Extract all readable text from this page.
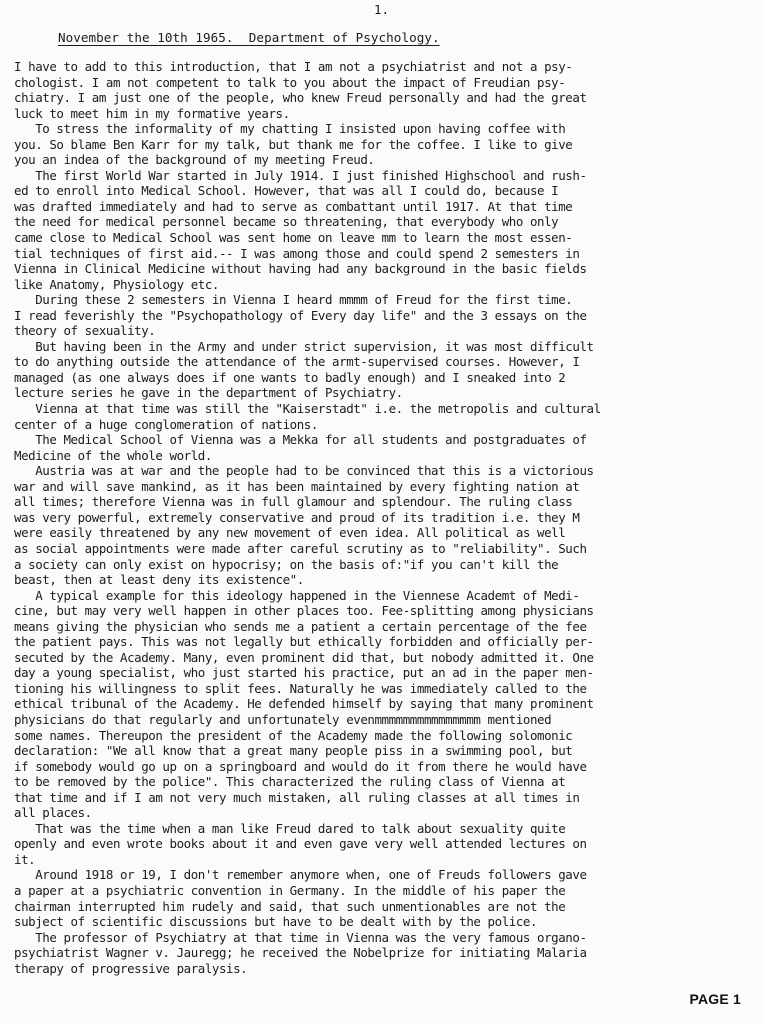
1.
November the 10th 1965.  Department of Psychology.
I have to add to this introduction, that I am not a psychiatrist and not a psy-
chologist. I am not competent to talk to you about the impact of Freudian psy-
chiatry. I am just one of the people, who knew Freud personally and had the great
luck to meet him in my formative years.
To stress the informality of my chatting I insisted upon having coffee with
you. So blame Ben Karr for my talk, but thank me for the coffee. I like to give
you an indea of the background of my meeting Freud.
The first World War started in July 1914. I just finished Highschool and rush-
ed to enroll into Medical School. However, that was all I could do, because I
was drafted immediately and had to serve as combattant until 1917. At that time
the need for medical personnel became so threatening, that everybody who only
came close to Medical School was sent home on leave mm to learn the most essen-
tial techniques of first aid.-- I was among those and could spend 2 semesters in
Vienna in Clinical Medicine without having had any background in the basic fields
like Anatomy, Physiology etc.
During these 2 semesters in Vienna I heard mmmm of Freud for the first time.
I read feverishly the "Psychopathology of Every day life" and the 3 essays on the
theory of sexuality.
But having been in the Army and under strict supervision, it was most difficult
to do anything outside the attendance of the armt-supervised courses. However, I
managed (as one always does if one wants to badly enough) and I sneaked into 2
lecture series he gave in the department of Psychiatry.
Vienna at that time was still the "Kaiserstadt" i.e. the metropolis and cultural
center of a huge conglomeration of nations.
The Medical School of Vienna was a Mekka for all students and postgraduates of
Medicine of the whole world.
Austria was at war and the people had to be convinced that this is a victorious
war and will save mankind, as it has been maintained by every fighting nation at
all times; therefore Vienna was in full glamour and splendour. The ruling class
was very powerful, extremely conservative and proud of its tradition i.e. they M
were easily threatened by any new movement of even idea. All political as well
as social appointments were made after careful scrutiny as to "reliability". Such
a society can only exist on hypocrisy; on the basis of:"if you can't kill the
beast, then at least deny its existence".
A typical example for this ideology happened in the Viennese Academt of Medi-
cine, but may very well happen in other places too. Fee-splitting among physicians
means giving the physician who sends me a patient a certain percentage of the fee
the patient pays. This was not legally but ethically forbidden and officially per-
secuted by the Academy. Many, even prominent did that, but nobody admitted it. One
day a young specialist, who just started his practice, put an ad in the paper men-
tioning his willingness to split fees. Naturally he was immediately called to the
ethical tribunal of the Academy. He defended himself by saying that many prominent
physicians do that regularly and unfortunately evenmmmmmmmmmmmmmmm mentioned
some names. Thereupon the president of the Academy made the following solomonic
declaration: "We all know that a great many people piss in a swimming pool, but
if somebody would go up on a springboard and would do it from there he would have
to be removed by the police". This characterized the ruling class of Vienna at
that time and if I am not very much mistaken, all ruling classes at all times in
all places.
That was the time when a man like Freud dared to talk about sexuality quite
openly and even wrote books about it and even gave very well attended lectures on
it.
Around 1918 or 19, I don't remember anymore when, one of Freuds followers gave
a paper at a psychiatric convention in Germany. In the middle of his paper the
chairman interrupted him rudely and said, that such unmentionables are not the
subject of scientific discussions but have to be dealt with by the police.
The professor of Psychiatry at that time in Vienna was the very famous organo-
psychiatrist Wagner v. Jauregg; he received the Nobelprize for initiating Malaria
therapy of progressive paralysis.
PAGE 1
